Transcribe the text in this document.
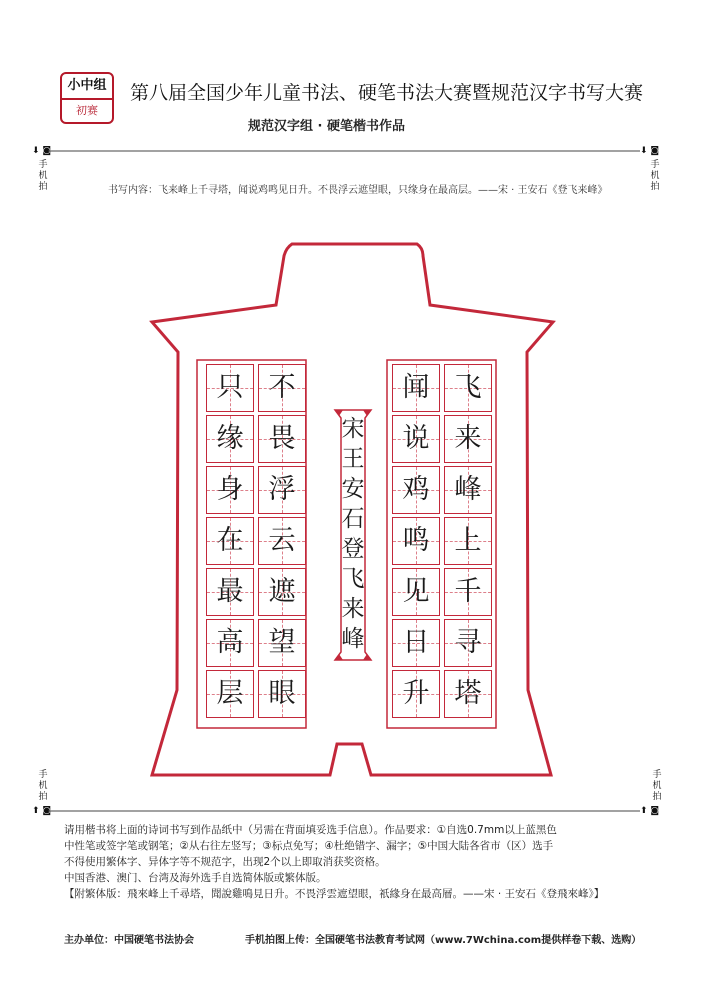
小中组
初赛
第八届全国少年儿童书法、硬笔书法大赛暨规范汉字书写大赛
规范汉字组 · 硬笔楷书作品
⬇ ◙
手机拍
⬇ ◙
手机拍
手机拍
⬆ ◙
手机拍
⬆ ◙
书写内容：飞来峰上千寻塔，闻说鸡鸣见日升。不畏浮云遮望眼，只缘身在最高层。——宋 · 王安石《登飞来峰》
只
缘
身
在
最
高
层
不
畏
浮
云
遮
望
眼
闻
说
鸡
鸣
见
日
升
飞
来
峰
上
千
寻
塔
宋
王
安
石
登
飞
来
峰

请用楷书将上面的诗词书写到作品纸中（另需在背面填妥选手信息）。作品要求：①自选0.7mm以上蓝黑色

中性笔或签字笔或钢笔；②从右往左竖写；③标点免写；④杜绝错字、漏字；⑤中国大陆各省市（区）选手

不得使用繁体字、异体字等不规范字，出现2个以上即取消获奖资格。

中国香港、澳门、台湾及海外选手自选简体版或繁体版。

【附繁体版：飛來峰上千尋塔，聞說雞鳴見日升。不畏浮雲遮望眼，祇緣身在最高層。——宋 · 王安石《登飛來峰》】

主办单位：中国硬笔书法协会	手机拍图上传：全国硬笔书法教育考试网（www.7Wchina.com提供样卷下载、选购）
